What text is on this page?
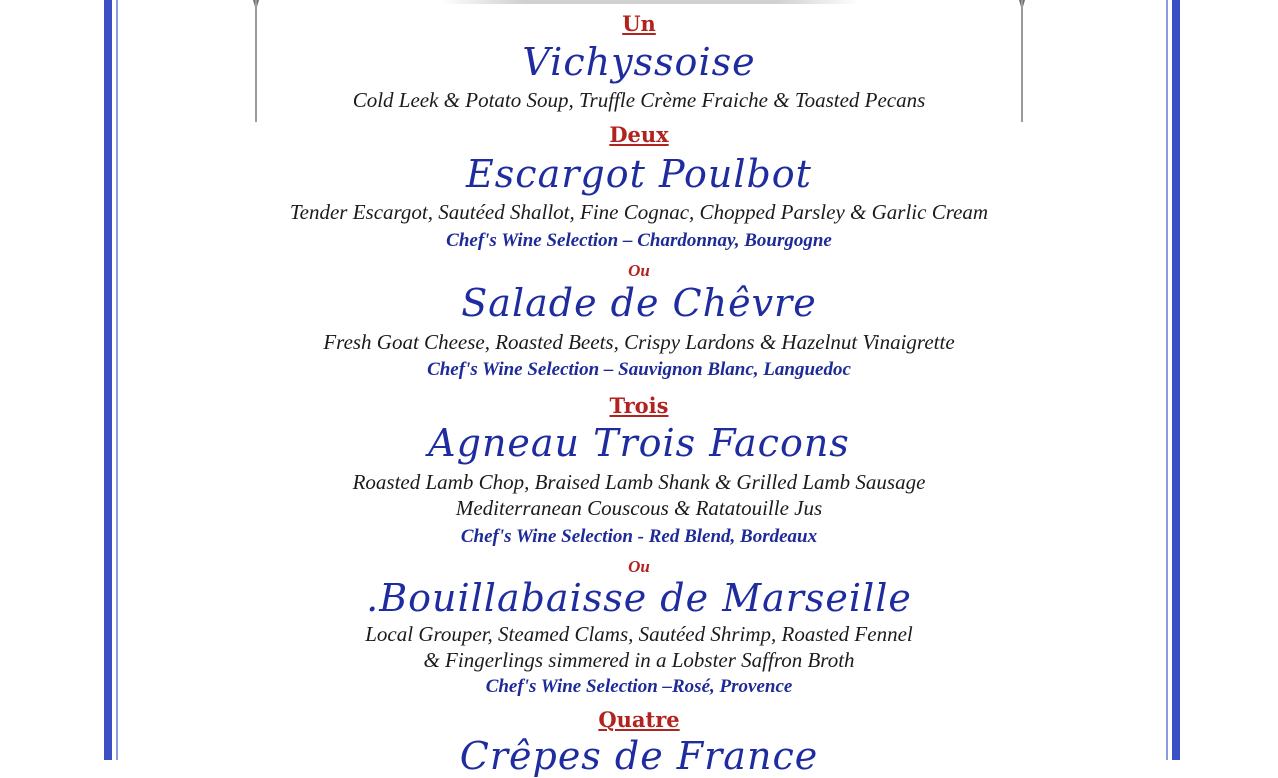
Un
Vichyssoise
Cold Leek & Potato Soup, Truffle Crème Fraiche & Toasted Pecans
Deux
Escargot Poulbot
Tender Escargot, Sautéed Shallot, Fine Cognac, Chopped Parsley & Garlic Cream
Chef's Wine Selection – Chardonnay, Bourgogne
Ou
Salade de Chêvre
Fresh Goat Cheese, Roasted Beets, Crispy Lardons & Hazelnut Vinaigrette
Chef's Wine Selection – Sauvignon Blanc, Languedoc
Trois
Agneau Trois Facons
Roasted Lamb Chop, Braised Lamb Shank & Grilled Lamb Sausage
Mediterranean Couscous & Ratatouille Jus
Chef's Wine Selection - Red Blend, Bordeaux
Ou
.Bouillabaisse de Marseille
Local Grouper, Steamed Clams, Sautéed Shrimp, Roasted Fennel
& Fingerlings simmered in a Lobster Saffron Broth
Chef's Wine Selection –Rosé, Provence
Quatre
Crêpes de France
